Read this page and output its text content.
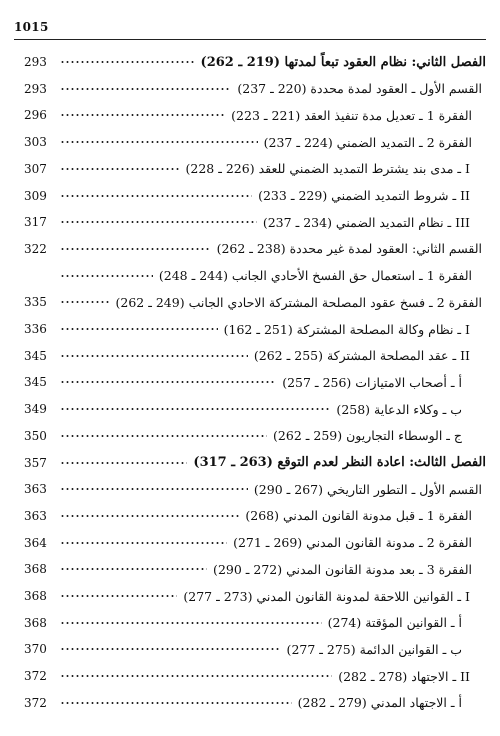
1015
293	الفصل الثاني: نظام العقود تبعاً لمدتها (219 ـ 262)
293	القسم الأول ـ العقود لمدة محددة (220 ـ 237)
296	الفقرة 1 ـ تعديل مدة تنفيذ العقد (221 ـ 223)
303	الفقرة 2 ـ التمديد الضمني (224 ـ 237)
307	I ـ مدى بند يشترط التمديد الضمني للعقد (226 ـ 228)
309	II ـ شروط التمديد الضمني (229 ـ 233)
317	III ـ نظام التمديد الضمني (234 ـ 237)
322	القسم الثاني: العقود لمدة غير محددة (238 ـ 262)
الفقرة 1 ـ استعمال حق الفسخ الأحادي الجانب (244 ـ 248)
335	الفقرة 2 ـ فسخ عقود المصلحة المشتركة الاحادي الجانب (249 ـ 262)
336	I ـ نظام وكالة المصلحة المشتركة (251 ـ 162)
345	II ـ عقد المصلحة المشتركة (255 ـ 262)
345	أ ـ أصحاب الامتيازات (256 ـ 257)
349	ب ـ وكلاء الدعاية (258)
350	ج ـ الوسطاء التجاريون (259 ـ 262)
357	الفصل الثالث: اعادة النظر لعدم التوقع (263 ـ 317)
363	القسم الأول ـ التطور التاريخي (267 ـ 290)
363	الفقرة 1 ـ قبل مدونة القانون المدني (268)
364	الفقرة 2 ـ مدونة القانون المدني (269 ـ 271)
368	الفقرة 3 ـ بعد مدونة القانون المدني (272 ـ 290)
368	I ـ القوانين اللاحقة لمدونة القانون المدني (273 ـ 277)
368	أ ـ القوانين المؤقتة (274)
370	ب ـ القوانين الدائمة (275 ـ 277)
372	II ـ الاجتهاد (278 ـ 282)
372	أ ـ الاجتهاد المدني (279 ـ 282)
